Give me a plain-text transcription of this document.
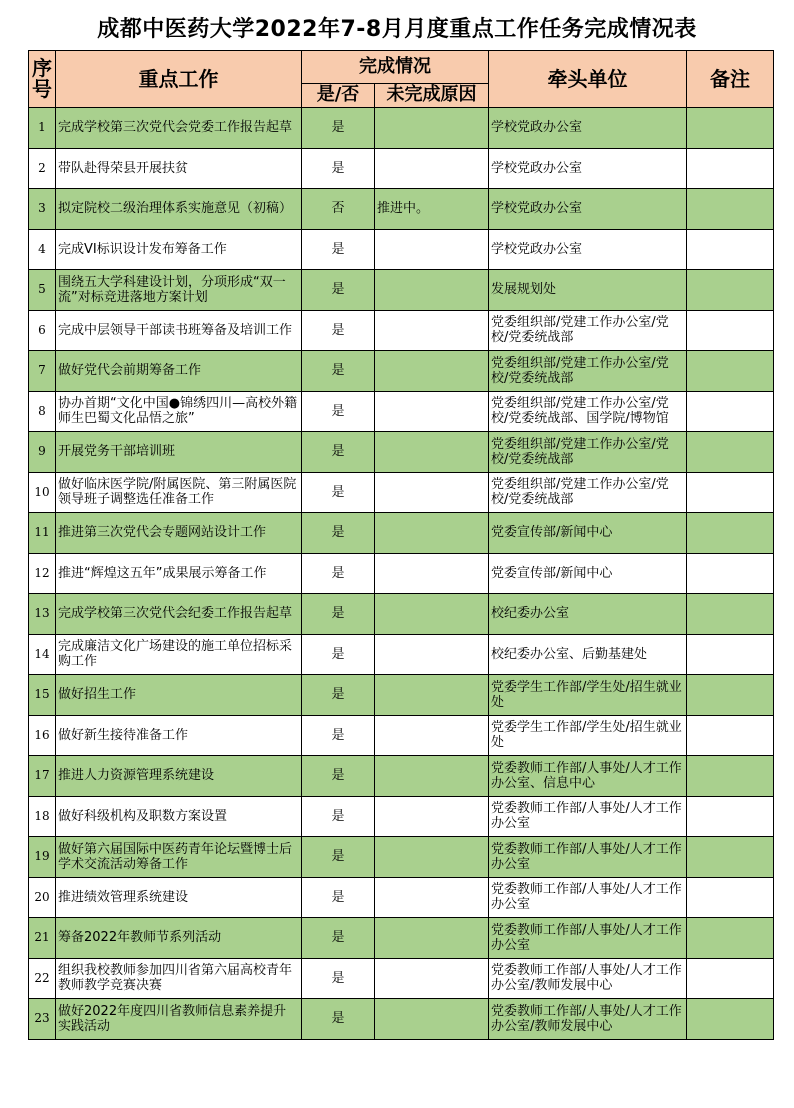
成都中医药大学2022年7-8月月度重点工作任务完成情况表
序号	重点工作	完成情况		牵头单位	备注
		是/否	未完成原因		
1	完成学校第三次党代会党委工作报告起草	是		学校党政办公室	
2	带队赴得荣县开展扶贫	是		学校党政办公室	
3	拟定院校二级治理体系实施意见（初稿）	否	推进中。	学校党政办公室	
4	完成VI标识设计发布筹备工作	是		学校党政办公室	
5	围绕五大学科建设计划，分项形成“双一流”对标竞进落地方案计划	是		发展规划处	
6	完成中层领导干部读书班筹备及培训工作	是		党委组织部/党建工作办公室/党校/党委统战部	
7	做好党代会前期筹备工作	是		党委组织部/党建工作办公室/党校/党委统战部	
8	协办首期“文化中国●锦绣四川—高校外籍师生巴蜀文化品悟之旅”	是		党委组织部/党建工作办公室/党校/党委统战部、国学院/博物馆	
9	开展党务干部培训班	是		党委组织部/党建工作办公室/党校/党委统战部	
10	做好临床医学院/附属医院、第三附属医院领导班子调整选任准备工作	是		党委组织部/党建工作办公室/党校/党委统战部	
11	推进第三次党代会专题网站设计工作	是		党委宣传部/新闻中心	
12	推进“辉煌这五年”成果展示筹备工作	是		党委宣传部/新闻中心	
13	完成学校第三次党代会纪委工作报告起草	是		校纪委办公室	
14	完成廉洁文化广场建设的施工单位招标采购工作	是		校纪委办公室、后勤基建处	
15	做好招生工作	是		党委学生工作部/学生处/招生就业处	
16	做好新生接待准备工作	是		党委学生工作部/学生处/招生就业处	
17	推进人力资源管理系统建设	是		党委教师工作部/人事处/人才工作办公室、信息中心	
18	做好科级机构及职数方案设置	是		党委教师工作部/人事处/人才工作办公室	
19	做好第六届国际中医药青年论坛暨博士后学术交流活动筹备工作	是		党委教师工作部/人事处/人才工作办公室	
20	推进绩效管理系统建设	是		党委教师工作部/人事处/人才工作办公室	
21	筹备2022年教师节系列活动	是		党委教师工作部/人事处/人才工作办公室	
22	组织我校教师参加四川省第六届高校青年教师教学竞赛决赛	是		党委教师工作部/人事处/人才工作办公室/教师发展中心	
23	做好2022年度四川省教师信息素养提升实践活动	是		党委教师工作部/人事处/人才工作办公室/教师发展中心	
